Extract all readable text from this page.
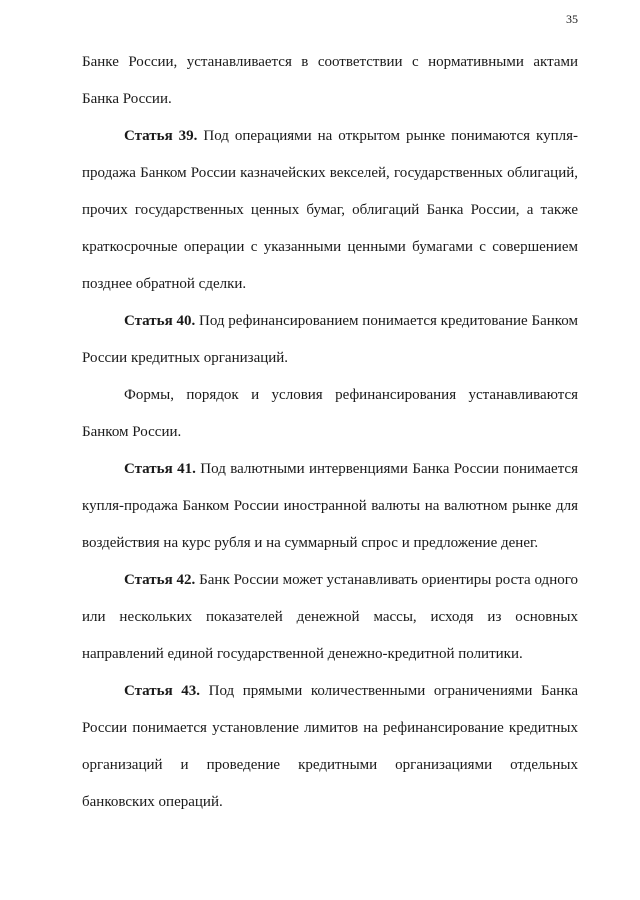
35

Банке России, устанавливается в соответствии с нормативными актами Банка России.

Статья 39. Под операциями на открытом рынке понимаются купля-продажа Банком России казначейских векселей, государственных облигаций, прочих государственных ценных бумаг, облигаций Банка России, а также краткосрочные операции с указанными ценными бумагами с совершением позднее обратной сделки.

Статья 40. Под рефинансированием понимается кредитование Банком России кредитных организаций.

Формы, порядок и условия рефинансирования устанавливаются Банком России.

Статья 41. Под валютными интервенциями Банка России понимается купля-продажа Банком России иностранной валюты на валютном рынке для воздействия на курс рубля и на суммарный спрос и предложение денег.

Статья 42. Банк России может устанавливать ориентиры роста одного или нескольких показателей денежной массы, исходя из основных направлений единой государственной денежно-кредитной политики.

Статья 43. Под прямыми количественными ограничениями Банка России понимается установление лимитов на рефинансирование кредитных организаций и проведение кредитными организациями отдельных банковских операций.
